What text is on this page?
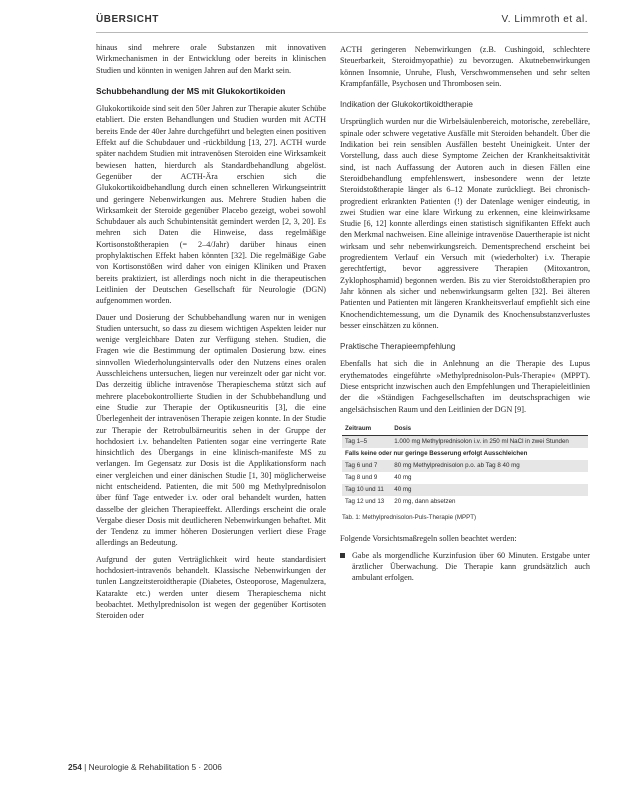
ÜBERSICHT	V. Limmroth et al.

hinaus sind mehrere orale Substanzen mit innovativen Wirkmechanismen in der Entwicklung oder bereits in klinischen Studien und könnten in wenigen Jahren auf den Markt sein.

Schubbehandlung der MS mit Glukokortikoiden

Glukokortikoide sind seit den 50er Jahren zur Therapie akuter Schübe etabliert. Die ersten Behandlungen und Studien wurden mit ACTH bereits Ende der 40er Jahre durchgeführt und belegten einen positiven Effekt auf die Schubdauer und -rückbildung [13, 27]. ACTH wurde später nachdem Studien mit intravenösen Steroiden eine Wirksamkeit bewiesen hatten, hierdurch als Standardbehandlung abgelöst. Gegenüber der ACTH-Ära erschien sich die Glukokortikoidbehandlung durch einen schnelleren Wirkungseintritt und geringere Nebenwirkungen aus. Mehrere Studien haben die Wirksamkeit der Steroide gegenüber Placebo gezeigt, wobei sowohl Schubdauer als auch Schubintensität gemindert werden [2, 3, 20]. Es mehren sich Daten die Hinweise, dass regelmäßige Kortisonstoßtherapien (= 2–4/Jahr) darüber hinaus einen prophylaktischen Effekt haben könnten [32]. Die regelmäßige Gabe von Kortisonstößen wird daher von einigen Kliniken und Praxen bereits praktiziert, ist allerdings noch nicht in die therapeutischen Leitlinien der Deutschen Gesellschaft für Neurologie (DGN) aufgenommen worden.

Dauer und Dosierung der Schubbehandlung waren nur in wenigen Studien untersucht, so dass zu diesem wichtigen Aspekten leider nur wenige vergleichbare Daten zur Verfügung stehen. Studien, die Fragen wie die Bestimmung der optimalen Dosierung bzw. eines sinnvollen Wiederholungsintervalls oder den Nutzens eines oralen Ausschleichens untersuchen, liegen nur vereinzelt oder gar nicht vor. Das derzeitig übliche intravenöse Therapieschema stützt sich auf mehrere placebokontrollierte Studien in der Schubbehandlung und eine Studie zur Therapie der Optikusneuritis [3], die eine Überlegenheit der intravenösen Therapie zeigen konnte. In der Studie zur Therapie der Retrobulbärneuritis sehen in der Gruppe der hochdosiert i.v. behandelten Patienten sogar eine verringerte Rate hinsichtlich des Übergangs in eine klinisch-manifeste MS zu verlangen. Im Gegensatz zur Dosis ist die Applikationsform nach einer vergleichen und einer dänischen Studie [1, 30] möglicherweise nicht entscheidend. Patienten, die mit 500 mg Methylprednisolon über fünf Tage entweder i.v. oder oral behandelt wurden, hatten dasselbe der gleichen Therapieeffekt. Allerdings erscheint die orale Vergabe dieser Dosis mit deutlicheren Nebenwirkungen behaftet. Mit der Tendenz zu immer höheren Dosierungen verliert diese Frage allerdings an Bedeutung.

Aufgrund der guten Verträglichkeit wird heute standardisiert hochdosiert-intravenös behandelt. Klassische Nebenwirkungen der tunlen Langzeitsteroidtherapie (Diabetes, Osteoporose, Magenulzera, Katarakte etc.) werden unter diesem Therapieschema nicht beobachtet. Methylprednisolon ist wegen der gegenüber Kortisoten Steroiden oder

ACTH geringeren Nebenwirkungen (z.B. Cushingoid, schlechtere Steuerbarkeit, Steroidmyopathie) zu bevorzugen. Akutnebenwirkungen können Insomnie, Unruhe, Flush, Verschwommensehen und sehr selten Krampfanfälle, Psychosen und Thrombosen sein.

Indikation der Glukokortikoidtherapie

Ursprünglich wurden nur die Wirbelsäulenbereich, motorische, zerebelläre, spinale oder schwere vegetative Ausfälle mit Steroiden behandelt. Über die Indikation bei rein sensiblen Ausfällen besteht Uneinigkeit. Unter der Vorstellung, dass auch diese Symptome Zeichen der Krankheitsaktivität sind, ist nach Auffassung der Autoren auch in diesen Fällen eine Steroidbehandlung empfehlenswert, insbesondere wenn der letzte Steroidstoßtherapie länger als 6–12 Monate zurückliegt. Bei chronisch-progredient erkrankten Patienten (!) der Datenlage weniger eindeutig, in zwei Studien war eine klare Wirkung zu erkennen, eine kleinwirksame Studie [6, 12] konnte allerdings einen statistisch signifikanten Effekt auch den Merkmal nachweisen. Eine alleinige intravenöse Dauertherapie ist nicht wirksam und sehr nebenwirkungsreich. Dementsprechend erscheint bei progredientem Verlauf ein Versuch mit (wiederholter) i.v. Therapie gerechtfertigt, bevor aggressivere Therapien (Mitoxantron, Zyklophosphamid) begonnen werden. Bis zu vier Steroidstoßtherapien pro Jahr können als sicher und nebenwirkungsarm gelten [32]. Bei älteren Patienten und Patienten mit längeren Krankheitsverlauf empfiehlt sich eine Knochendichtemessung, um die Dynamik des Knochensubstanzverlustes besser einschätzen zu können.

Praktische Therapieempfehlung

Ebenfalls hat sich die in Anlehnung an die Therapie des Lupus erythematodes eingeführte »Methylprednisolon-Puls-Therapie« (MPPT). Diese entspricht inzwischen auch den Empfehlungen und Therapieleitlinien der die »Ständigen Fachgesellschaften im deutschsprachigen wie angelsächsischen Raum und den Leitlinien der DGN [9].

Zeitraum	Dosis
Tag 1–5	1.000 mg Methylprednisolon i.v. in 250 ml NaCl in zwei Stunden
Falls keine oder nur geringe Besserung erfolgt Ausschleichen	
Tag 6 und 7	80 mg Methylprednisolon p.o. ab Tag 8 40 mg
Tag 8 und 9	40 mg
Tag 10 und 11	40 mg
Tag 12 und 13	20 mg, dann absetzen
Tab. 1: Methylprednisolon-Puls-Therapie (MPPT)

Folgende Vorsichtsmaßregeln sollen beachtet werden:

Gabe als morgendliche Kurzinfusion über 60 Minuten. Erstgabe unter ärztlicher Überwachung. Die Therapie kann grundsätzlich auch ambulant erfolgen.
254 | Neurologie & Rehabilitation 5 · 2006
